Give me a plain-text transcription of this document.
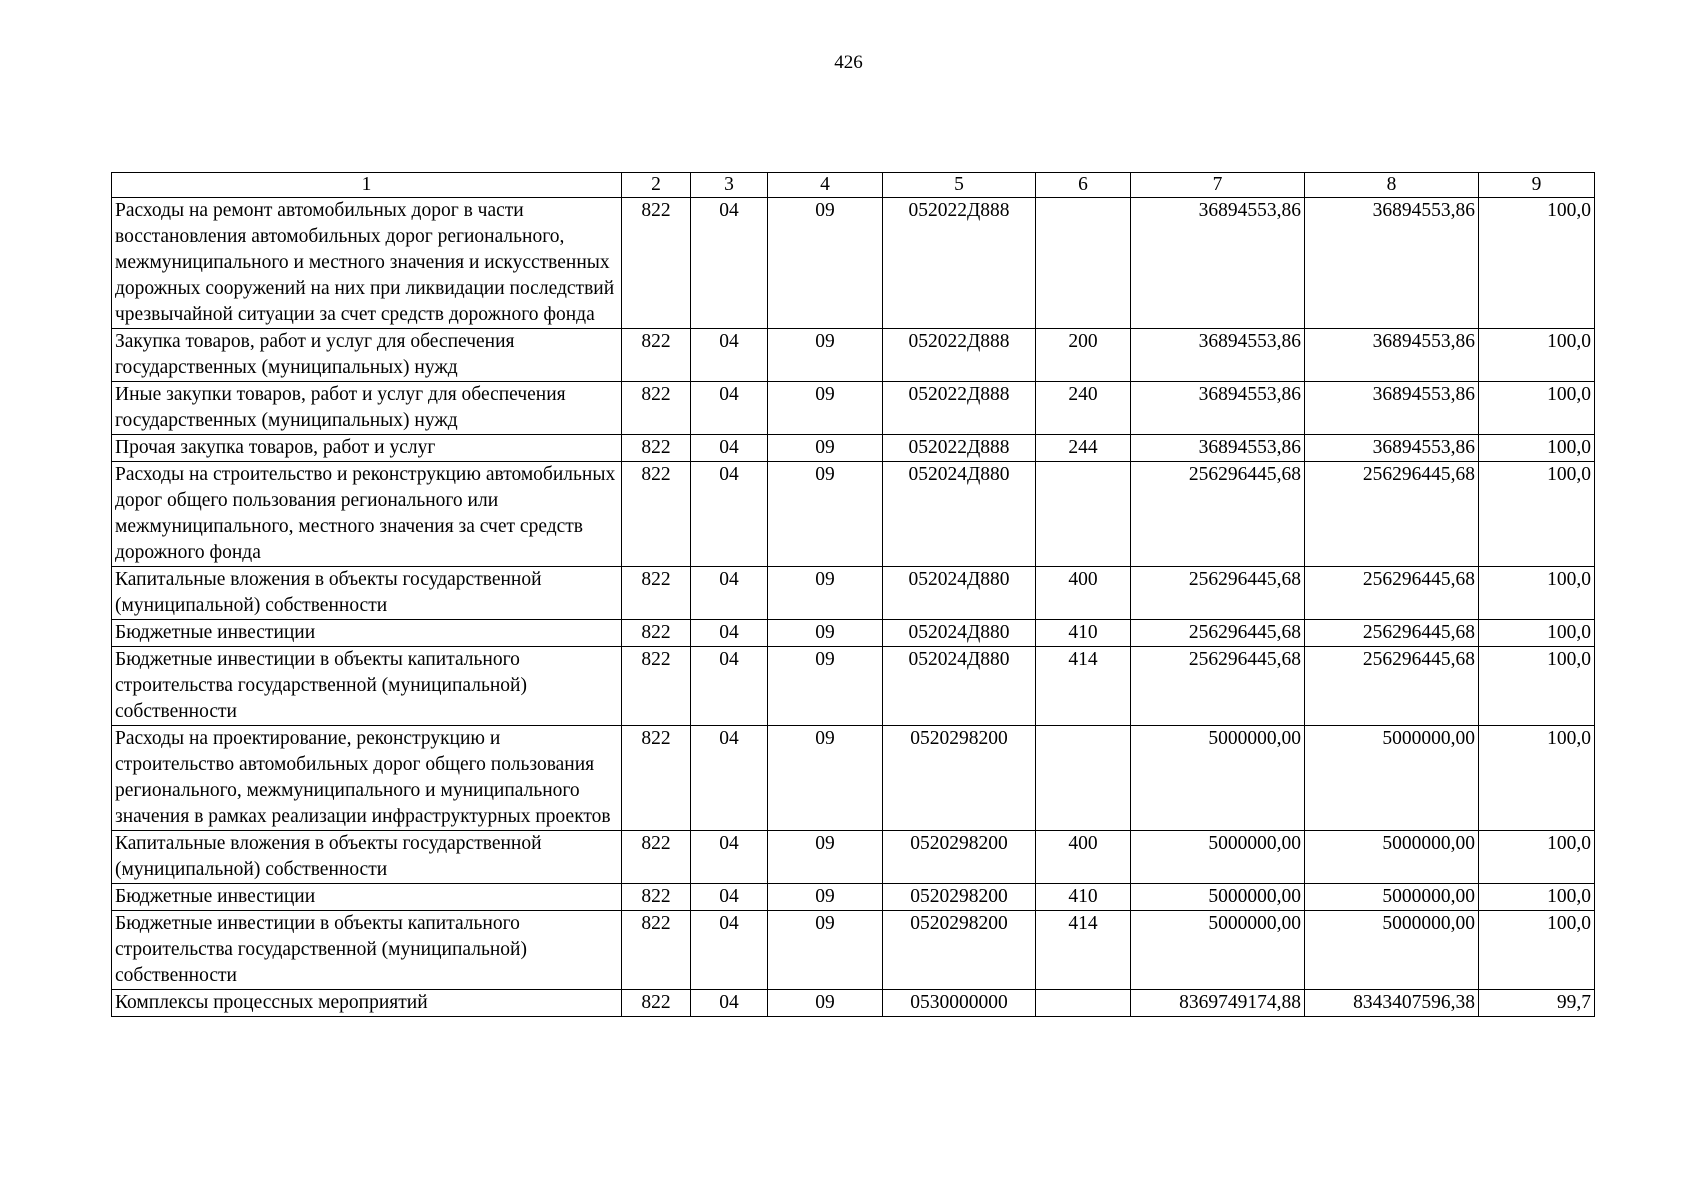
426
1	2	3	4	5	6	7	8	9
Расходы на ремонт автомобильных дорог в части восстановления автомобильных дорог регионального, межмуниципального и местного значения и искусственных дорожных сооружений на них при ликвидации последствий чрезвычайной ситуации за счет средств дорожного фонда	822	04	09	052022Д888		36894553,86	36894553,86	100,0
Закупка товаров, работ и услуг для обеспечения государственных (муниципальных) нужд	822	04	09	052022Д888	200	36894553,86	36894553,86	100,0
Иные закупки товаров, работ и услуг для обеспечения государственных (муниципальных) нужд	822	04	09	052022Д888	240	36894553,86	36894553,86	100,0
Прочая закупка товаров, работ и услуг	822	04	09	052022Д888	244	36894553,86	36894553,86	100,0
Расходы на строительство и реконструкцию автомобильных дорог общего пользования регионального или межмуниципального, местного значения за счет средств дорожного фонда	822	04	09	052024Д880		256296445,68	256296445,68	100,0
Капитальные вложения в объекты государственной (муниципальной) собственности	822	04	09	052024Д880	400	256296445,68	256296445,68	100,0
Бюджетные инвестиции	822	04	09	052024Д880	410	256296445,68	256296445,68	100,0
Бюджетные инвестиции в объекты капитального строительства государственной (муниципальной) собственности	822	04	09	052024Д880	414	256296445,68	256296445,68	100,0
Расходы на проектирование, реконструкцию и строительство автомобильных дорог общего пользования регионального, межмуниципального и муниципального значения в рамках реализации инфраструктурных проектов	822	04	09	0520298200		5000000,00	5000000,00	100,0
Капитальные вложения в объекты государственной (муниципальной) собственности	822	04	09	0520298200	400	5000000,00	5000000,00	100,0
Бюджетные инвестиции	822	04	09	0520298200	410	5000000,00	5000000,00	100,0
Бюджетные инвестиции в объекты капитального строительства государственной (муниципальной) собственности	822	04	09	0520298200	414	5000000,00	5000000,00	100,0
Комплексы процессных мероприятий	822	04	09	0530000000		8369749174,88	8343407596,38	99,7
